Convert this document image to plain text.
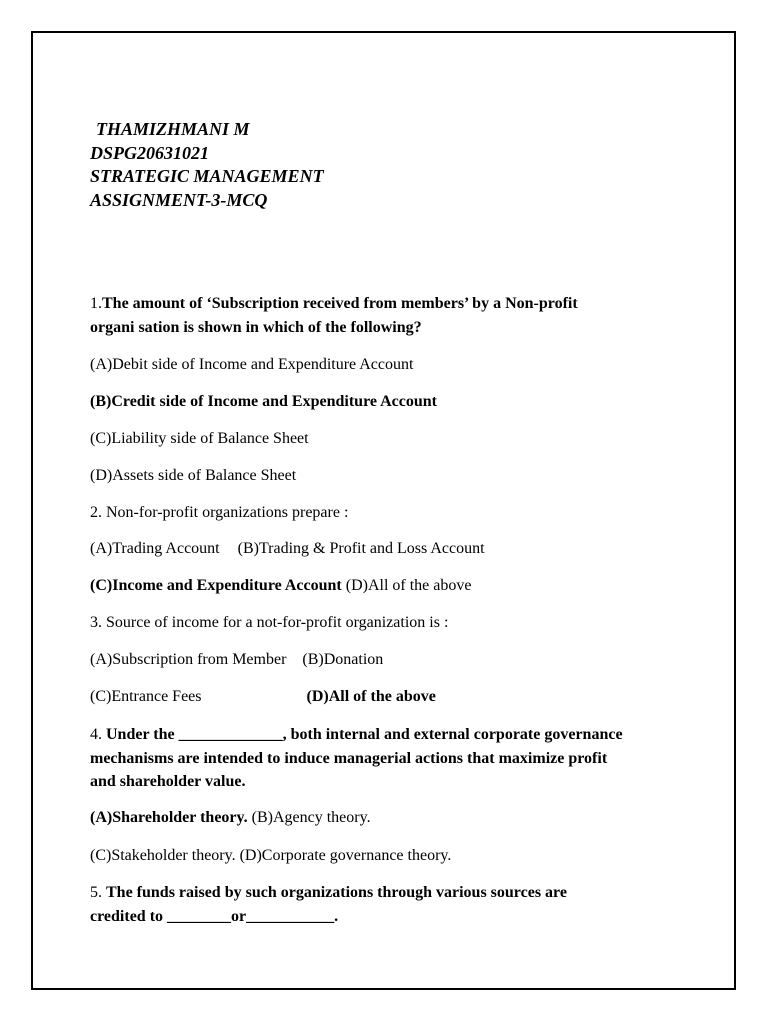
THAMIZHMANI M
DSPG20631021
STRATEGIC MANAGEMENT
ASSIGNMENT-3-MCQ
1.The amount of ‘Subscription received from members’ by a Non-profit
organi sation is shown in which of the following?
(A)Debit side of Income and Expenditure Account
(B)Credit side of Income and Expenditure Account
(C)Liability side of Balance Sheet
(D)Assets side of Balance Sheet
2. Non-for-profit organizations prepare :
(A)Trading Account (B)Trading & Profit and Loss Account
(C)Income and Expenditure Account (D)All of the above
3. Source of income for a not-for-profit organization is :
(A)Subscription from Member (B)Donation
(C)Entrance Fees	(D)All of the above
4. Under the _____________, both internal and external corporate governance
mechanisms are intended to induce managerial actions that maximize profit
and shareholder value.
(A)Shareholder theory. (B)Agency theory.
(C)Stakeholder theory. (D)Corporate governance theory.
5. The funds raised by such organizations through various sources are
credited to ________or___________.
